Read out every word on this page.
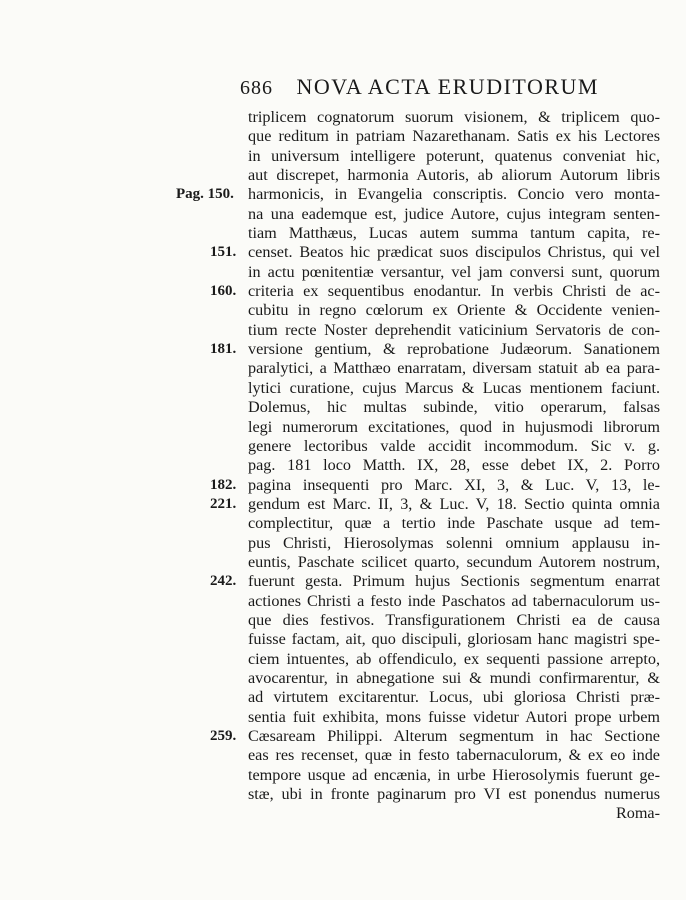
686 NOVA ACTA ERUDITORUM
Pag. 150.
151.
160.
181.
182.
221.
242.
259.
triplicem cognatorum suorum visionem, & triplicem quo-
que reditum in patriam Nazarethanam. Satis ex his Lectores
in universum intelligere poterunt, quatenus conveniat hic,
aut discrepet, harmonia Autoris, ab aliorum Autorum libris
harmonicis, in Evangelia conscriptis. Concio vero monta-
na una eademque est, judice Autore, cujus integram senten-
tiam Matthæus, Lucas autem summa tantum capita, re-
censet. Beatos hic prædicat suos discipulos Christus, qui vel
in actu pœnitentiæ versantur, vel jam conversi sunt, quorum
criteria ex sequentibus enodantur. In verbis Christi de ac-
cubitu in regno cœlorum ex Oriente & Occidente venien-
tium recte Noster deprehendit vaticinium Servatoris de con-
versione gentium, & reprobatione Judæorum. Sanationem
paralytici, a Matthæo enarratam, diversam statuit ab ea para-
lytici curatione, cujus Marcus & Lucas mentionem faciunt.
Dolemus, hic multas subinde, vitio operarum, falsas
legi numerorum excitationes, quod in hujusmodi librorum
genere lectoribus valde accidit incommodum. Sic v. g.
pag. 181 loco Matth. IX, 28, esse debet IX, 2. Porro
pagina insequenti pro Marc. XI, 3, & Luc. V, 13, le-
gendum est Marc. II, 3, & Luc. V, 18. Sectio quinta omnia
complectitur, quæ a tertio inde Paschate usque ad tem-
pus Christi, Hierosolymas solenni omnium applausu in-
euntis, Paschate scilicet quarto, secundum Autorem nostrum,
fuerunt gesta. Primum hujus Sectionis segmentum enarrat
actiones Christi a festo inde Paschatos ad tabernaculorum us-
que dies festivos. Transfigurationem Christi ea de causa
fuisse factam, ait, quo discipuli, gloriosam hanc magistri spe-
ciem intuentes, ab offendiculo, ex sequenti passione arrepto,
avocarentur, in abnegatione sui & mundi confirmarentur, &
ad virtutem excitarentur. Locus, ubi gloriosa Christi præ-
sentia fuit exhibita, mons fuisse videtur Autori prope urbem
Cæsaream Philippi. Alterum segmentum in hac Sectione
eas res recenset, quæ in festo tabernaculorum, & ex eo inde
tempore usque ad encænia, in urbe Hierosolymis fuerunt ge-
stæ, ubi in fronte paginarum pro VI est ponendus numerus
Roma-
